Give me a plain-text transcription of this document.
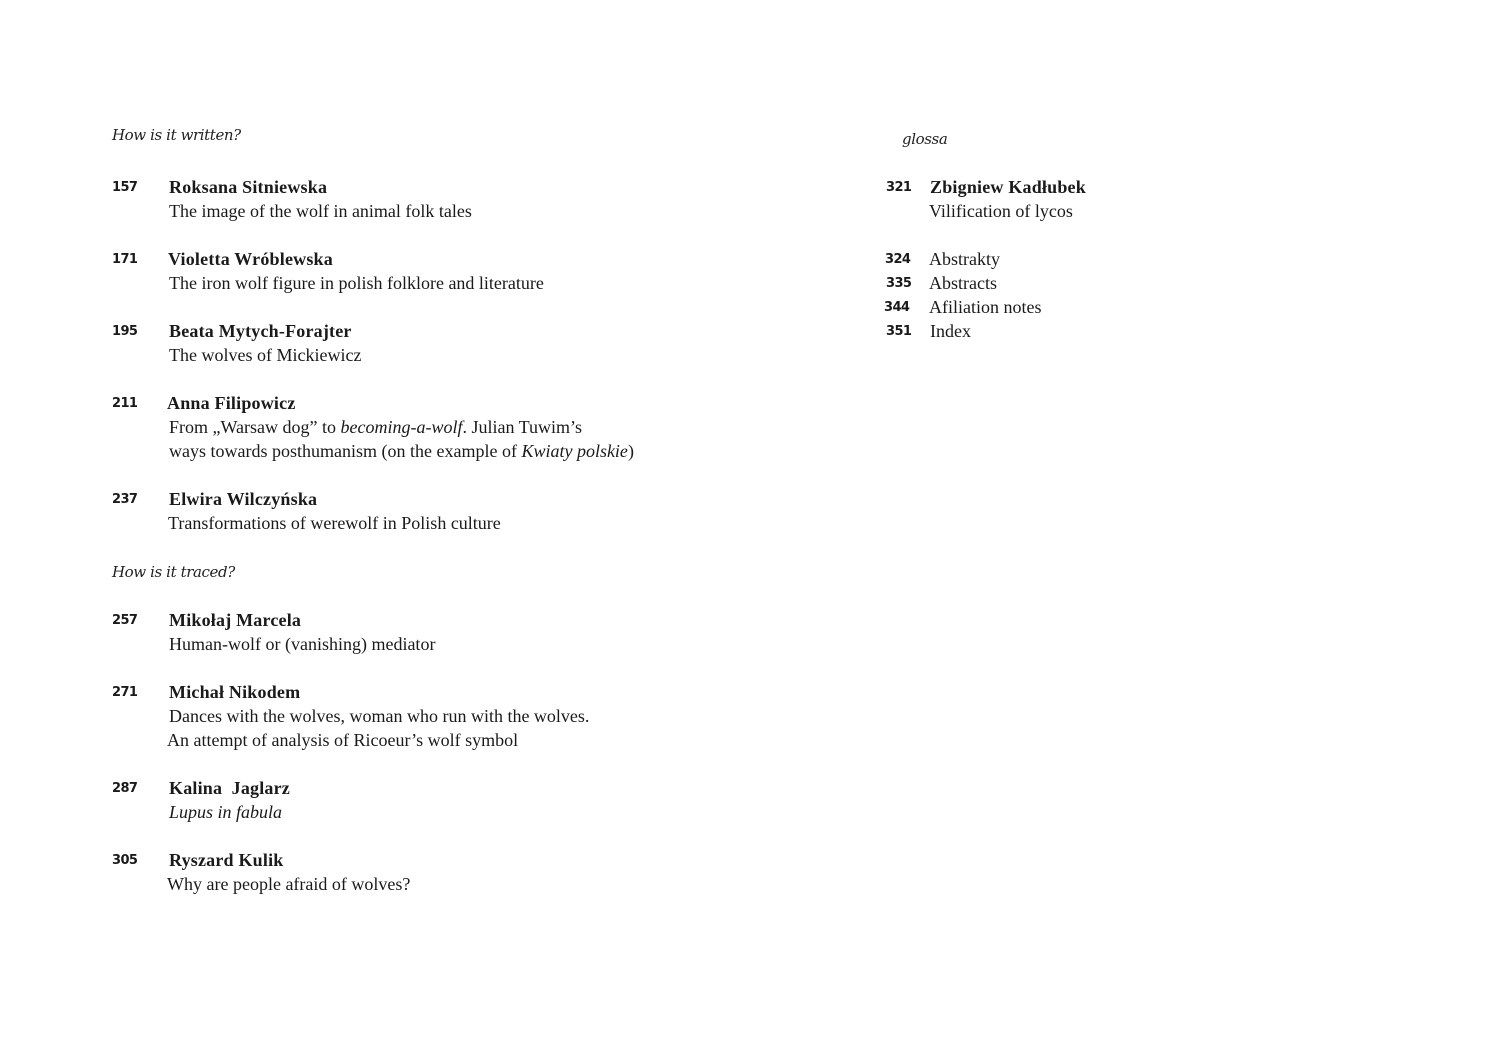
How is it written?

157 Roksana Sitniewska
The image of the wolf in animal folk tales
171 Violetta Wróblewska
The iron wolf figure in polish folklore and literature
195 Beata Mytych-Forajter
The wolves of Mickiewicz
211 Anna Filipowicz
From „Warsaw dog” to becoming-a-wolf. Julian Tuwim’s
ways towards posthumanism (on the example of Kwiaty polskie)
237 Elwira Wilczyńska
Transformations of werewolf in Polish culture

How is it traced?

257 Mikołaj Marcela
Human-wolf or (vanishing) mediator
271 Michał Nikodem
Dances with the wolves, woman who run with the wolves.
An attempt of analysis of Ricoeur’s wolf symbol
287 Kalina  Jaglarz
Lupus in fabula
305 Ryszard Kulik
Why are people afraid of wolves?

glossa

321 Zbigniew Kadłubek
Vilification of lycos
324 Abstrakty
335 Abstracts
344 Afiliation notes
351 Index
